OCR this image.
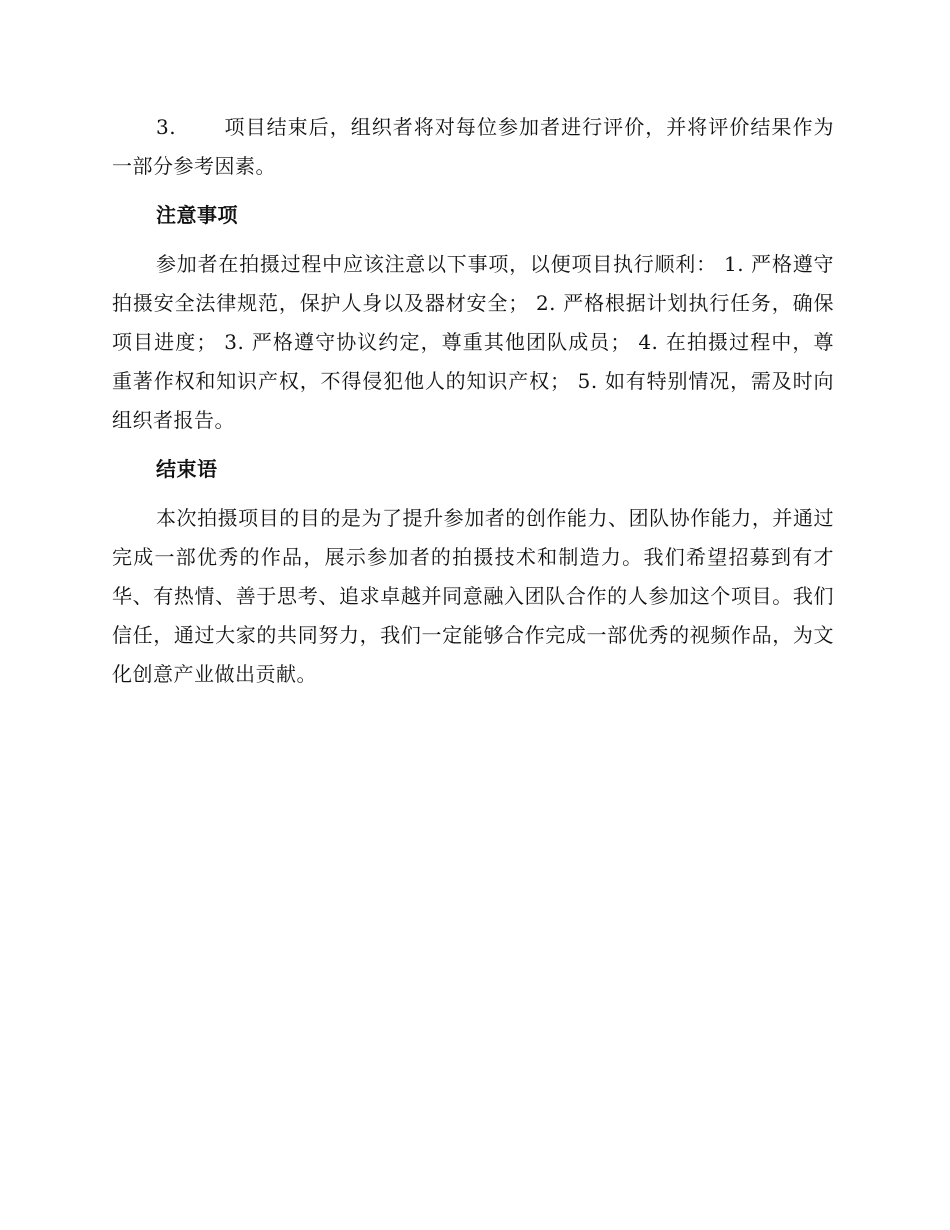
3. 项目结束后，组织者将对每位参加者进行评价，并将评价结果作为一部分参考因素。

注意事项

参加者在拍摄过程中应该注意以下事项，以便项目执行顺利： 1. 严格遵守拍摄安全法律规范，保护人身以及器材安全； 2. 严格根据计划执行任务，确保项目进度； 3. 严格遵守协议约定，尊重其他团队成员； 4. 在拍摄过程中，尊重著作权和知识产权，不得侵犯他人的知识产权； 5. 如有特别情况，需及时向组织者报告。

结束语

本次拍摄项目的目的是为了提升参加者的创作能力、团队协作能力，并通过完成一部优秀的作品，展示参加者的拍摄技术和制造力。我们希望招募到有才华、有热情、善于思考、追求卓越并同意融入团队合作的人参加这个项目。我们信任，通过大家的共同努力，我们一定能够合作完成一部优秀的视频作品，为文化创意产业做出贡献。
